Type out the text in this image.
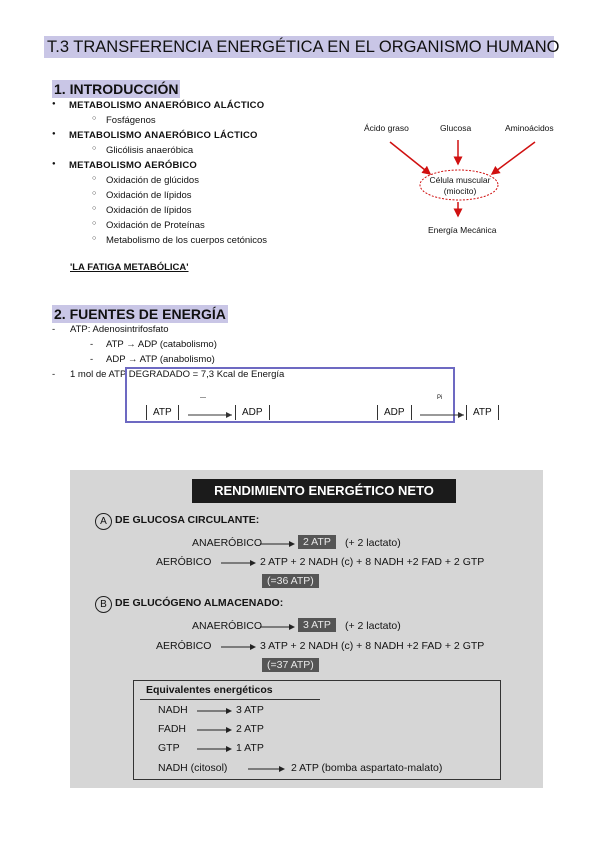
T.3 TRANSFERENCIA ENERGÉTICA EN EL ORGANISMO HUMANO
1. INTRODUCCIÓN
● METABOLISMO ANAERÓBICO ALÁCTICO
○ Fosfágenos
● METABOLISMO ANAERÓBICO LÁCTICO
○ Glicólisis anaeróbica
● METABOLISMO AERÓBICO
○ Oxidación de glúcidos
○ Oxidación de lípidos
○ Oxidación de lípidos
○ Oxidación de Proteínas
○ Metabolismo de los cuerpos cetónicos
'LA FATIGA METABÓLICA'
Ácido graso	Glucosa	Aminoácidos
Célula muscular
(miocito)
Energía Mecánica
2. FUENTES DE ENERGÍA
- ATP: Adenosintrifosfato
- ATP → ADP (catabolismo)
- ADP → ATP (anabolismo)
- 1 mol de ATP DEGRADADO = 7,3 Kcal de Energía
ATP	ADP
—
ADP	ATP
Pi
RENDIMIENTO ENERGÉTICO NETO
A DE GLUCOSA CIRCULANTE:
ANAERÓBICO	2 ATP	(+ 2 lactato)
AERÓBICO	2 ATP + 2 NADH (c) + 8 NADH +2 FAD + 2 GTP
(=36 ATP)
B DE GLUCÓGENO ALMACENADO:
ANAERÓBICO	3 ATP	(+ 2 lactato)
AERÓBICO	3 ATP + 2 NADH (c) + 8 NADH +2 FAD + 2 GTP
(=37 ATP)
Equivalentes energéticos
NADH	3 ATP
FADH	2 ATP
GTP	1 ATP
NADH (citosol)	2 ATP (bomba aspartato-malato)
